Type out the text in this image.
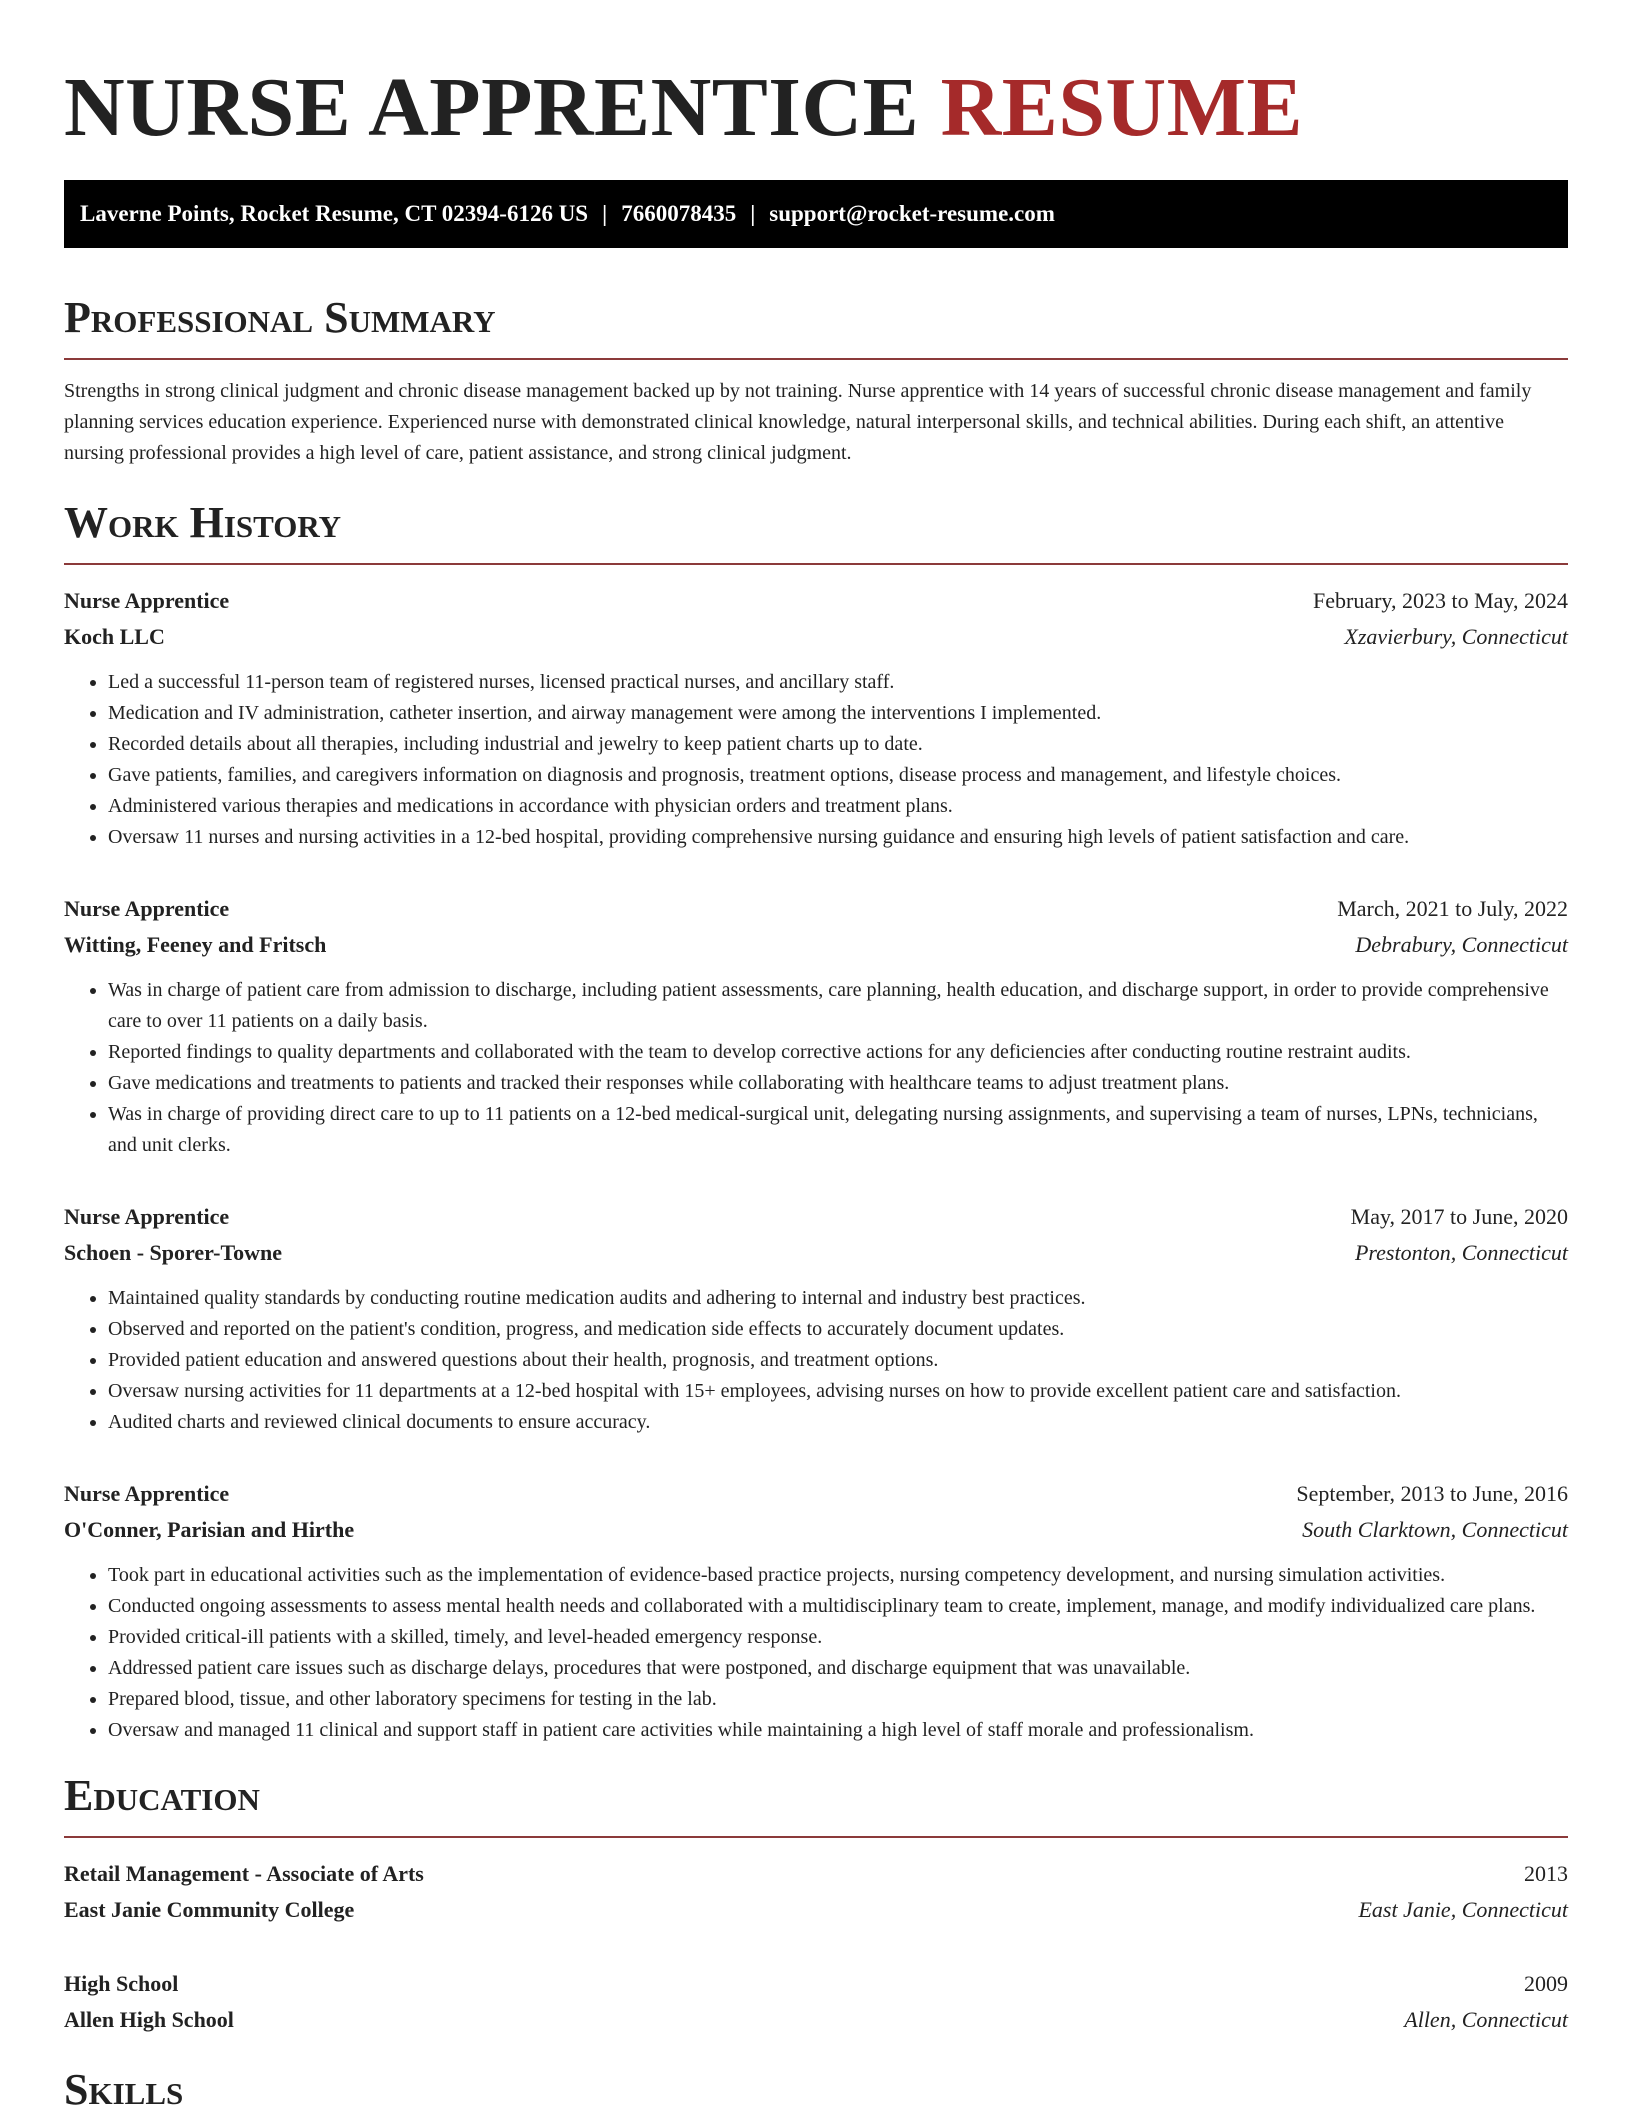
NURSE APPRENTICE RESUME
Laverne Points, Rocket Resume, CT 02394-6126 US | 7660078435 | support@rocket-resume.com
Professional Summary

Strengths in strong clinical judgment and chronic disease management backed up by not training. Nurse apprentice with 14 years of successful chronic disease management and family planning services education experience. Experienced nurse with demonstrated clinical knowledge, natural interpersonal skills, and technical abilities. During each shift, an attentive nursing professional provides a high level of care, patient assistance, and strong clinical judgment.

Work History
Nurse Apprentice	February, 2023 to May, 2024
Koch LLC	Xzavierbury, Connecticut
• Led a successful 11-person team of registered nurses, licensed practical nurses, and ancillary staff.
• Medication and IV administration, catheter insertion, and airway management were among the interventions I implemented.
• Recorded details about all therapies, including industrial and jewelry to keep patient charts up to date.
• Gave patients, families, and caregivers information on diagnosis and prognosis, treatment options, disease process and management, and lifestyle choices.
• Administered various therapies and medications in accordance with physician orders and treatment plans.
• Oversaw 11 nurses and nursing activities in a 12-bed hospital, providing comprehensive nursing guidance and ensuring high levels of patient satisfaction and care.
Nurse Apprentice	March, 2021 to July, 2022
Witting, Feeney and Fritsch	Debrabury, Connecticut
• Was in charge of patient care from admission to discharge, including patient assessments, care planning, health education, and discharge support, in order to provide comprehensive care to over 11 patients on a daily basis.
• Reported findings to quality departments and collaborated with the team to develop corrective actions for any deficiencies after conducting routine restraint audits.
• Gave medications and treatments to patients and tracked their responses while collaborating with healthcare teams to adjust treatment plans.
• Was in charge of providing direct care to up to 11 patients on a 12-bed medical-surgical unit, delegating nursing assignments, and supervising a team of nurses, LPNs, technicians, and unit clerks.
Nurse Apprentice	May, 2017 to June, 2020
Schoen - Sporer-Towne	Prestonton, Connecticut
• Maintained quality standards by conducting routine medication audits and adhering to internal and industry best practices.
• Observed and reported on the patient's condition, progress, and medication side effects to accurately document updates.
• Provided patient education and answered questions about their health, prognosis, and treatment options.
• Oversaw nursing activities for 11 departments at a 12-bed hospital with 15+ employees, advising nurses on how to provide excellent patient care and satisfaction.
• Audited charts and reviewed clinical documents to ensure accuracy.
Nurse Apprentice	September, 2013 to June, 2016
O'Conner, Parisian and Hirthe	South Clarktown, Connecticut
• Took part in educational activities such as the implementation of evidence-based practice projects, nursing competency development, and nursing simulation activities.
• Conducted ongoing assessments to assess mental health needs and collaborated with a multidisciplinary team to create, implement, manage, and modify individualized care plans.
• Provided critical-ill patients with a skilled, timely, and level-headed emergency response.
• Addressed patient care issues such as discharge delays, procedures that were postponed, and discharge equipment that was unavailable.
• Prepared blood, tissue, and other laboratory specimens for testing in the lab.
• Oversaw and managed 11 clinical and support staff in patient care activities while maintaining a high level of staff morale and professionalism.
Education
Retail Management - Associate of Arts	2013
East Janie Community College	East Janie, Connecticut
High School	2009
Allen High School	Allen, Connecticut
Skills
